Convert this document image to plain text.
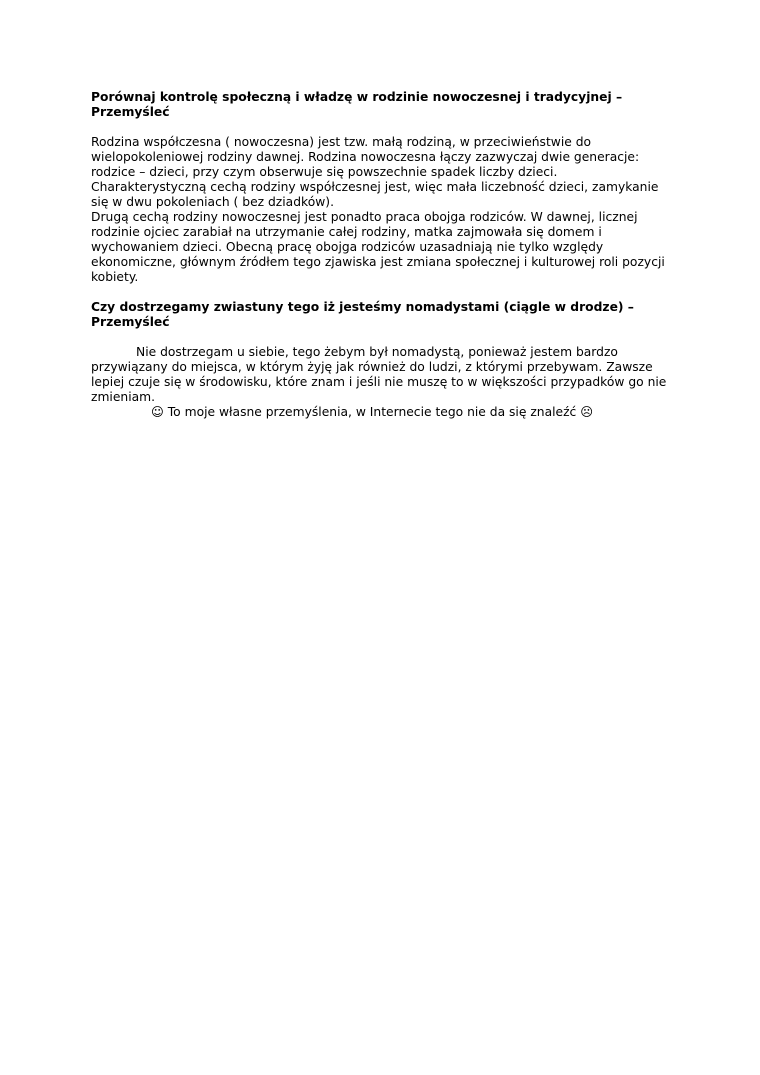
Porównaj kontrolę społeczną i władzę w rodzinie nowoczesnej i tradycyjnej – Przemyśleć

Rodzina współczesna ( nowoczesna) jest tzw. małą rodziną, w przeciwieństwie do wielopokoleniowej rodziny dawnej. Rodzina nowoczesna łączy zazwyczaj dwie generacje: rodzice – dzieci, przy czym obserwuje się powszechnie spadek liczby dzieci. Charakterystyczną cechą rodziny współczesnej jest, więc mała liczebność dzieci, zamykanie się w dwu pokoleniach ( bez dziadków).

Drugą cechą rodziny nowoczesnej jest ponadto praca obojga rodziców. W dawnej, licznej rodzinie ojciec zarabiał na utrzymanie całej rodziny, matka zajmowała się domem i wychowaniem dzieci. Obecną pracę obojga rodziców uzasadniają nie tylko względy ekonomiczne, głównym źródłem tego zjawiska jest zmiana społecznej i kulturowej roli pozycji kobiety.

Czy dostrzegamy zwiastuny tego iż jesteśmy nomadystami (ciągle w drodze) – Przemyśleć

Nie dostrzegam u siebie, tego żebym był nomadystą, ponieważ jestem bardzo przywiązany do miejsca, w którym żyję jak również do ludzi, z którymi przebywam. Zawsze lepiej czuje się w środowisku, które znam i jeśli nie muszę to w większości przypadków go nie zmieniam.

☺ To moje własne przemyślenia, w Internecie tego nie da się znaleźć ☹
